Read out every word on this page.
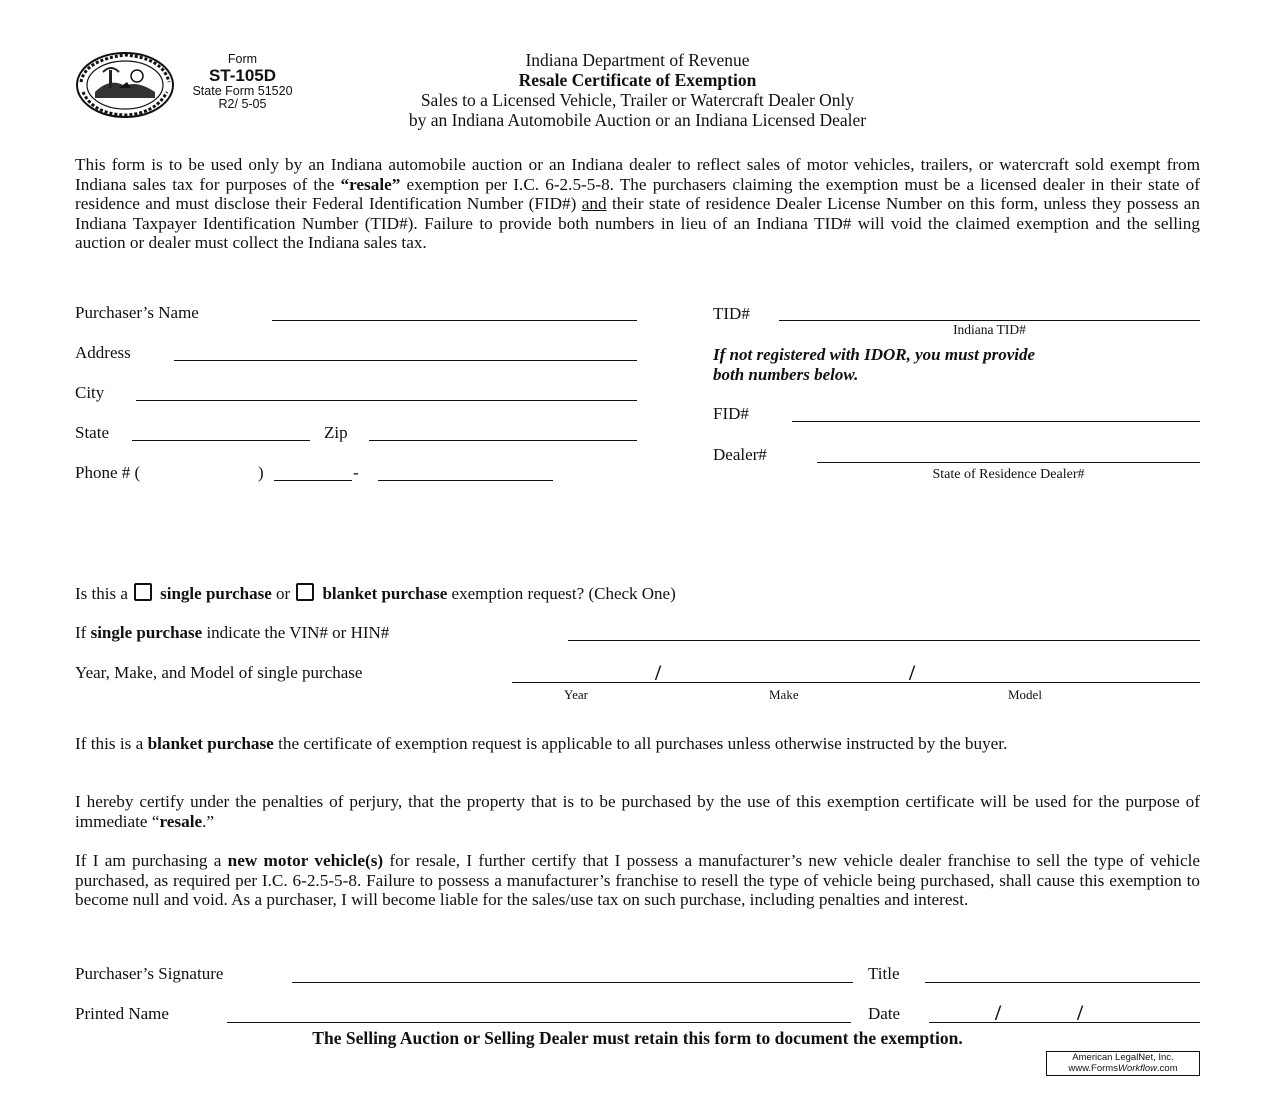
Form
ST-105D
State Form 51520
R2/ 5-05
Indiana Department of Revenue
Resale Certificate of Exemption
Sales to a Licensed Vehicle, Trailer or Watercraft Dealer Only
by an Indiana Automobile Auction or an Indiana Licensed Dealer
This form is to be used only by an Indiana automobile auction or an Indiana dealer to reflect sales of motor vehicles, trailers, or watercraft sold exempt from Indiana sales tax for purposes of the “resale” exemption per I.C. 6-2.5-5-8. The purchasers claiming the exemption must be a licensed dealer in their state of residence and must disclose their Federal Identification Number (FID#) and their state of residence Dealer License Number on this form, unless they possess an Indiana Taxpayer Identification Number (TID#). Failure to provide both numbers in lieu of an Indiana TID# will void the claimed exemption and the selling auction or dealer must collect the Indiana sales tax.
Purchaser’s Name
Address
City
State	Zip
Phone # (	)	-
TID#
Indiana TID#
If not registered with IDOR, you must provide
both numbers below.
FID#
Dealer#
State of Residence Dealer#
Is this a single purchase or blanket purchase exemption request? (Check One)
If single purchase indicate the VIN# or HIN#
Year, Make, and Model of single purchase	/	/
Year	Make	Model
If this is a blanket purchase the certificate of exemption request is applicable to all purchases unless otherwise instructed by the buyer.
I hereby certify under the penalties of perjury, that the property that is to be purchased by the use of this exemption certificate will be used for the purpose of immediate “resale.”
If I am purchasing a new motor vehicle(s) for resale, I further certify that I possess a manufacturer’s new vehicle dealer franchise to sell the type of vehicle purchased, as required per I.C. 6-2.5-5-8. Failure to possess a manufacturer’s franchise to resell the type of vehicle being purchased, shall cause this exemption to become null and void. As a purchaser, I will become liable for the sales/use tax on such purchase, including penalties and interest.
Purchaser’s Signature	Title
Printed Name	Date	/	/
The Selling Auction or Selling Dealer must retain this form to document the exemption.
American LegalNet, Inc.
www.FormsWorkflow.com
